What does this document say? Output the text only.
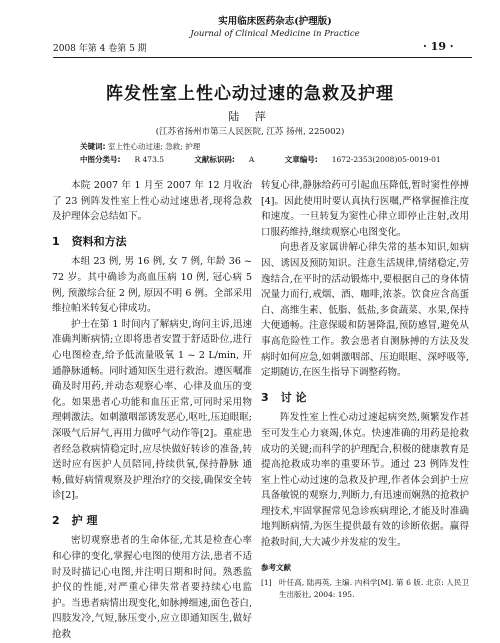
2008 年第 4 卷第 5 期
实用临床医药杂志(护理版)
Journal of Clinical Medicine in Practice
· 19 ·
阵发性室上性心动过速的急救及护理
陆 萍
(江苏省扬州市第三人民医院, 江苏 扬州, 225002)
关键词: 室上性心动过速; 急救; 护理
中图分类号: R 473.5	文献标识码: A	文章编号: 1672-2353(2008)05-0019-01

本院 2007 年 1 月至 2007 年 12 月收治了 23 例阵发性室上性心动过速患者,现将急救及护理体会总结如下。

1 资料和方法

本组 23 例, 男 16 例, 女 7 例, 年龄 36 ~ 72 岁。其中确诊为高血压病 10 例, 冠心病 5 例, 预激综合征 2 例, 原因不明 6 例。全部采用维拉帕米转复心律成功。

护士在第 1 时间内了解病史,询问主诉,迅速准确判断病情;立即将患者安置于舒适卧位,进行心电图检查,给予低流量吸氧 1 ~ 2 L/min, 开通静脉通畅。同时通知医生进行救治。遵医嘱准确及时用药,并动态观察心率、心律及血压的变化。如果患者心功能和血压正常,可同时采用物理刺激法。如刺激咽部诱发恶心,呕吐,压迫眼眶;深吸气后屏气,再用力做呼气动作等[2]。重症患者经急救病情稳定时,应尽快做好转诊的准备,转送时应有医护人员陪同,持续供氧,保持静脉 通畅,做好病情观察及护理治疗的交接,确保安全转诊[2]。

2 护 理

密切观察患者的生命体征,尤其是检查心率和心律的变化,掌握心电图的使用方法,患者不适时及时描记心电图,并注明日期和时间。熟悉监护仪的性能,对严重心律失常者要持续心电监护。当患者病情出现变化,如脉搏细速,面色苍白,四肢发冷,气短,脉压变小,应立即通知医生,做好抢救

转复心律,静脉给药可引起血压降低,暂时窦性停搏[4]。因此使用时要认真执行医嘱,严格掌握推注度和速度。一旦转复为窦性心律立即停止注射,改用口服药维持,继续观察心电图变化。

向患者及家属讲解心律失常的基本知识,如病因、诱因及预防知识。注意生活规律,情绪稳定,劳逸结合,在平时的活动锻炼中,要根据自己的身体情况量力而行,戒烟、酒、咖啡,浓茶。饮食应含高蛋白、高维生素、低脂、低盐,多食蔬菜、水果,保持大便通畅。注意保暖和防暑降温,预防感冒,避免从事高危险性工作。教会患者自测脉搏的方法及发病时如何应急,如刺激咽部、压迫眼眶、深呼吸等,定期随访,在医生指导下调整药物。

3 讨 论

阵发性室上性心动过速起病突然,频繁发作甚至可发生心力衰竭,休克。快速准确的用药是抢救成功的关键;而科学的护理配合,积极的健康教育是提高抢救成功率的重要环节。通过 23 例阵发性室上性心动过速的急救及护理,作者体会到护士应具备敏锐的观察力,判断力,有迅速而娴熟的抢救护理技术,牢固掌握常见急诊疾病理论,才能及时准确地判断病情,为医生提供最有效的诊断依据。赢得抢救时间,大大减少并发症的发生。

参考文献
[1] 叶任高, 陆再英, 主编. 内科学[M]. 第 6 版. 北京: 人民卫生出版社, 2004: 195.
